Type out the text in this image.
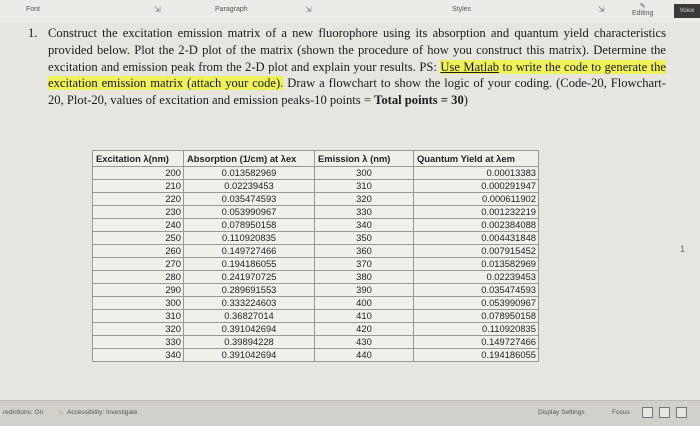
Font	⇲	Paragraph	⇲	Styles	⇲	✎
Editing	Voice
1. Construct the excitation emission matrix of a new fluorophore using its absorption and quantum yield characteristics provided below. Plot the 2-D plot of the matrix (shown the procedure of how you construct this matrix). Determine the excitation and emission peak from the 2-D plot and explain your results. PS: Use Matlab to write the code to generate the excitation emission matrix (attach your code). Draw a flowchart to show the logic of your coding. (Code-20, Flowchart-20, Plot-20, values of excitation and emission peaks-10 points = Total points = 30)
Excitation λ(nm)	Absorption (1/cm) at λex	Emission λ (nm)	Quantum Yield at λem
200	0.013582969	300	0.00013383
210	0.02239453	310	0.000291947
220	0.035474593	320	0.000611902
230	0.053990967	330	0.001232219
240	0.078950158	340	0.002384088
250	0.110920835	350	0.004431848
260	0.149727466	360	0.007915452
270	0.194186055	370	0.013582969
280	0.241970725	380	0.02239453
290	0.289691553	390	0.035474593
300	0.333224603	400	0.053990967
310	0.36827014	410	0.078950158
320	0.391042694	420	0.110920835
330	0.39894228	430	0.149727466
340	0.391042694	440	0.194186055
1
redictions: On ☆ Accessibility: Investigate	Display Settings	Focus
